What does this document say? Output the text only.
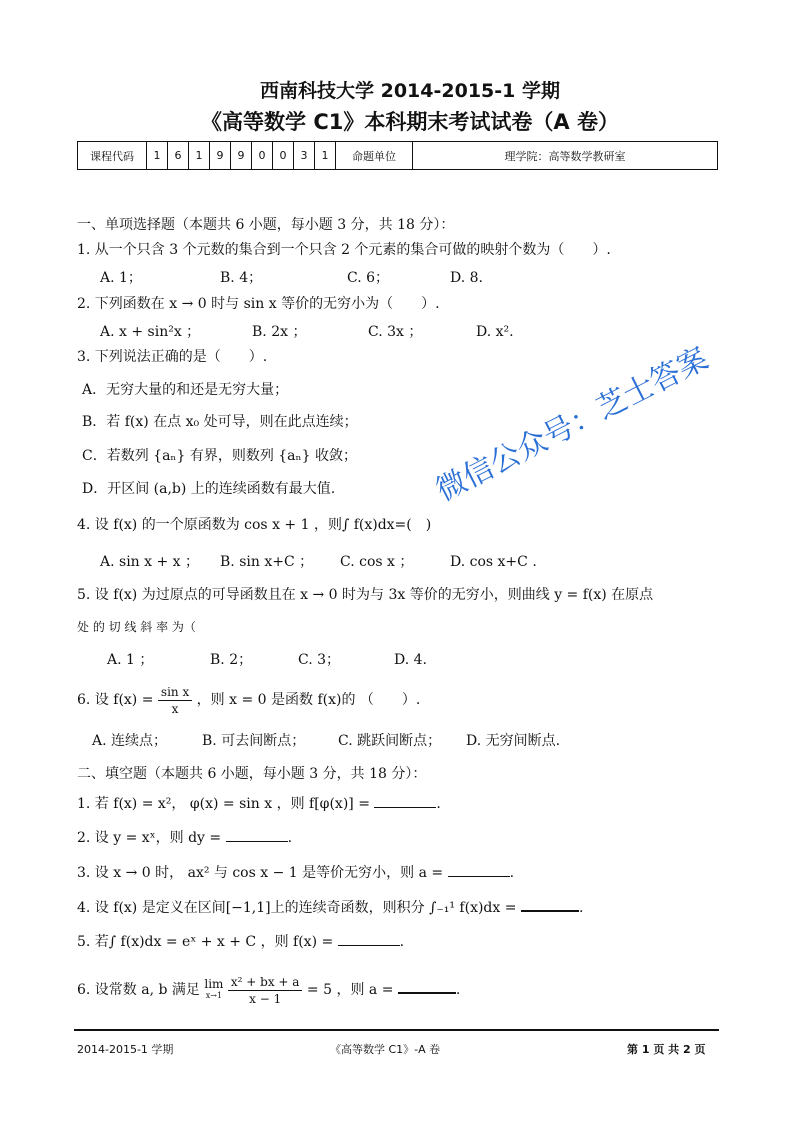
西南科技大学 2014-2015-1 学期
《高等数学 C1》本科期末考试试卷（A 卷）
课程代码	1	6	1	9	9	0	0	3	1	命题单位	理学院：高等数学教研室
一、单项选择题（本题共 6 小题，每小题 3 分，共 18 分）：
1. 从一个只含 3 个元数的集合到一个只含 2 个元素的集合可做的映射个数为（　　）.
A. 1；	B. 4；	C. 6；	D. 8.
2. 下列函数在 x → 0 时与 sin x 等价的无穷小为（　　）.
A. x + sin²x ；	B. 2x ；	C. 3x ；	D. x².
3. 下列说法正确的是（　　）.
A．无穷大量的和还是无穷大量；
B．若 f(x) 在点 x₀ 处可导，则在此点连续；
C．若数列 {aₙ} 有界，则数列 {aₙ} 收敛；
D．开区间 (a,b) 上的连续函数有最大值.
4. 设 f(x) 的一个原函数为 cos x + 1 ，则∫ f(x)dx=(　)
A. sin x + x ； B. sin x+C ； C. cos x ；	D. cos x+C .
5. 设 f(x) 为过原点的可导函数且在 x → 0 时为与 3x 等价的无穷小，则曲线 y = f(x) 在原点
处 的 切 线 斜 率 为（
A. 1 ；	B. 2；	C. 3；	D. 4.
6. 设 $f(x) = \frac{\text{sin x}}{x}$ ，则 x = 0 是函数 f(x)的 （　　）.
A. 连续点； B. 可去间断点； C. 跳跃间断点； D. 无穷间断点.
二、填空题（本题共 6 小题，每小题 3 分，共 18 分）：
1. 若 f(x) = x²， φ(x) = sin x ，则 f[φ(x)] =	.
2. 设 y = xˣ，则 dy =	.
3. 设 x → 0 时， ax² 与 cos x − 1 是等价无穷小，则 a =	.
4. 设 f(x) 是定义在区间[−1,1]上的连续奇函数，则积分 ∫₋₁¹ f(x)dx =	.
5. 若∫ f(x)dx = eˣ + x + C ，则 f(x) =	.
6. 设常数 a, b 满足 lim
x→1
$\frac{\text{x² + bx + a}}{x - 1} = 5$ ，则 a =	.
微信公众号：芝士答案
2014-2015-1 学期	《高等数学 C1》-A 卷	第 1 页 共 2 页
